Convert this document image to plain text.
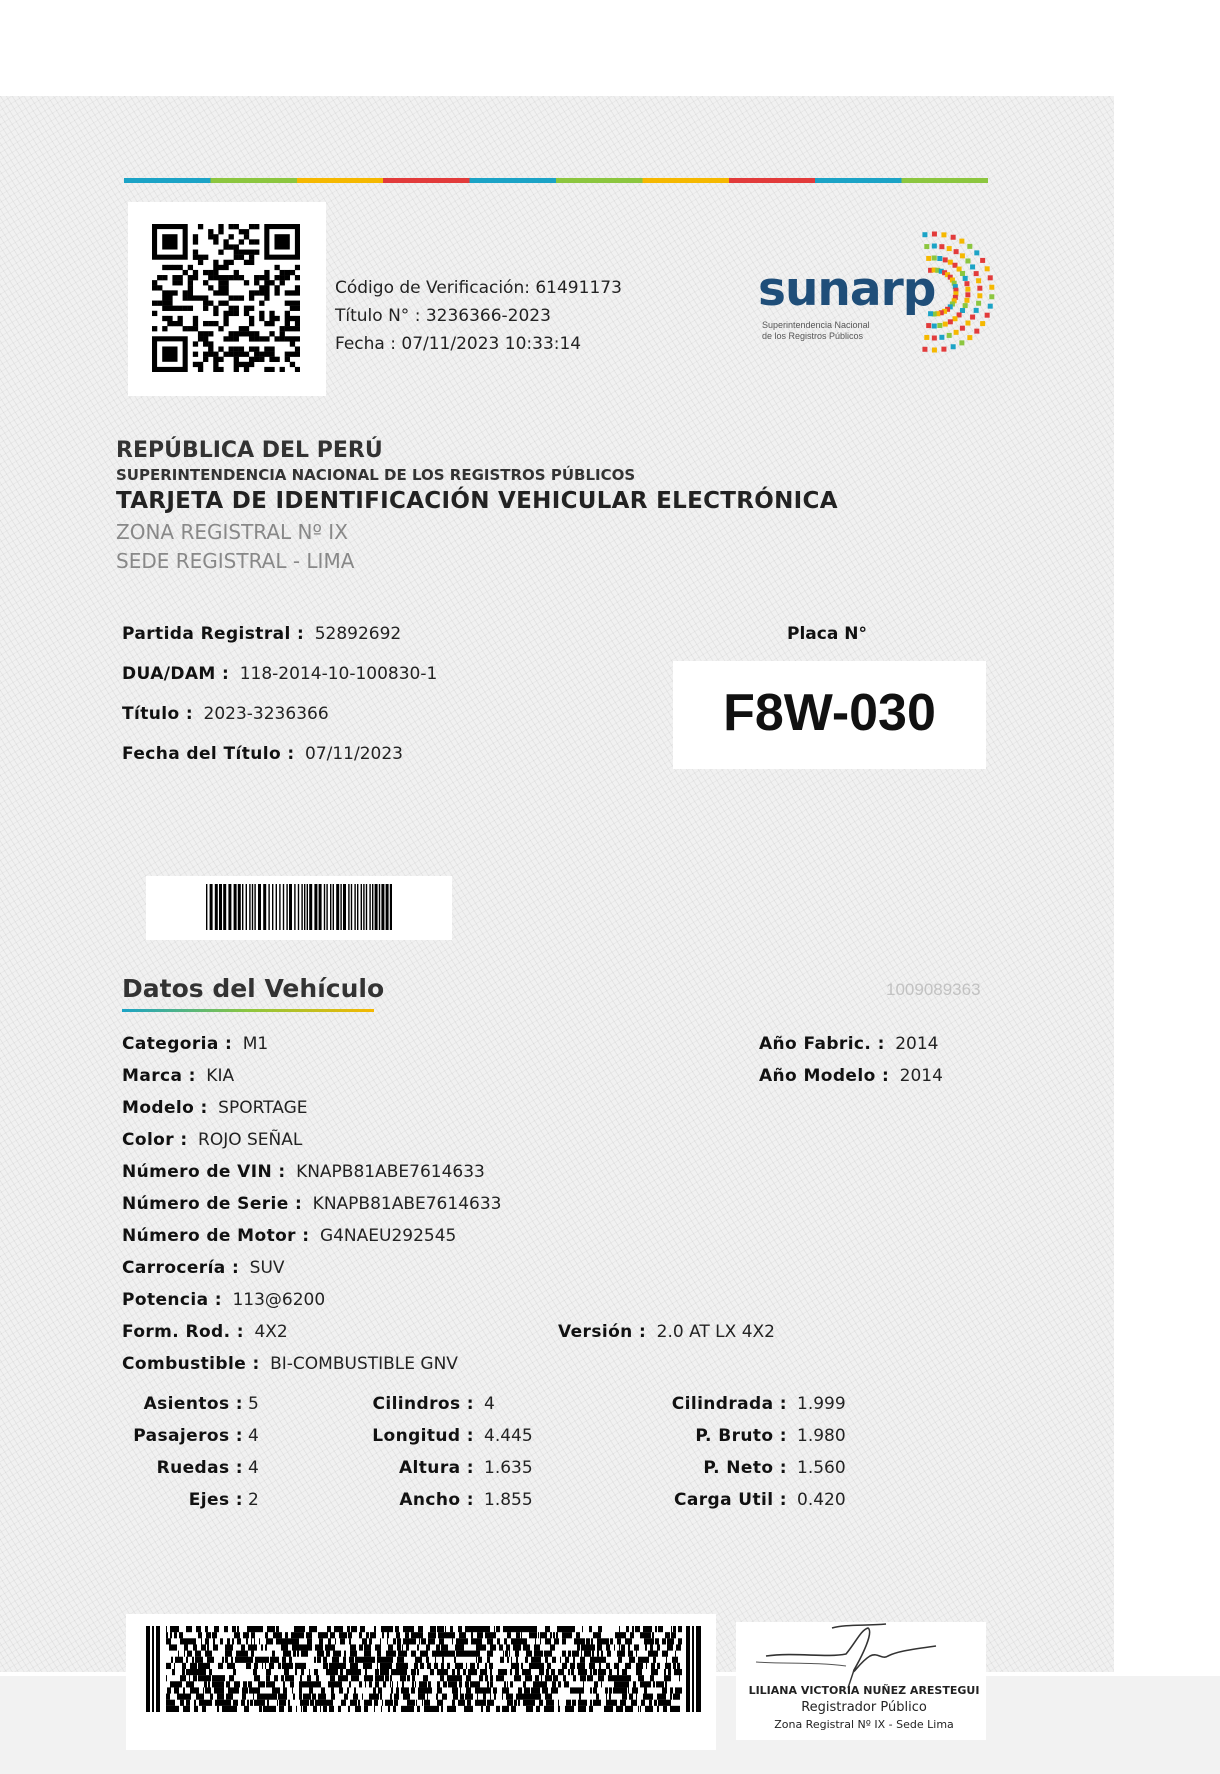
Código de Verificación: 61491173
Título N° : 3236366-2023
Fecha : 07/11/2023 10:33:14
sunarp
Superintendencia Nacional
de los Registros Públicos
REPÚBLICA DEL PERÚ
SUPERINTENDENCIA NACIONAL DE LOS REGISTROS PÚBLICOS
TARJETA DE IDENTIFICACIÓN VEHICULAR ELECTRÓNICA
ZONA REGISTRAL Nº IX
SEDE REGISTRAL - LIMA
Partida Registral : 52892692
DUA/DAM : 118-2014-10-100830-1
Título : 2023-3236366
Fecha del Título : 07/11/2023
Placa N°
F8W-030
Datos del Vehículo	1009089363
Categoria : M1
Marca : KIA
Modelo : SPORTAGE
Color : ROJO SEÑAL
Número de VIN : KNAPB81ABE7614633
Número de Serie : KNAPB81ABE7614633
Número de Motor : G4NAEU292545
Carrocería : SUV
Potencia : 113@6200
Form. Rod. : 4X2
Combustible : BI-COMBUSTIBLE GNV
Año Fabric. : 2014
Año Modelo : 2014
Versión : 2.0 AT LX 4X2
Asientos : 5
Pasajeros : 4
Ruedas : 4
Ejes : 2
Cilindros : 4
Longitud : 4.445
Altura : 1.635
Ancho : 1.855
Cilindrada : 1.999
P. Bruto : 1.980
P. Neto : 1.560
Carga Util : 0.420
LILIANA VICTORIA NUÑEZ ARESTEGUI
Registrador Público
Zona Registral Nº IX - Sede Lima
